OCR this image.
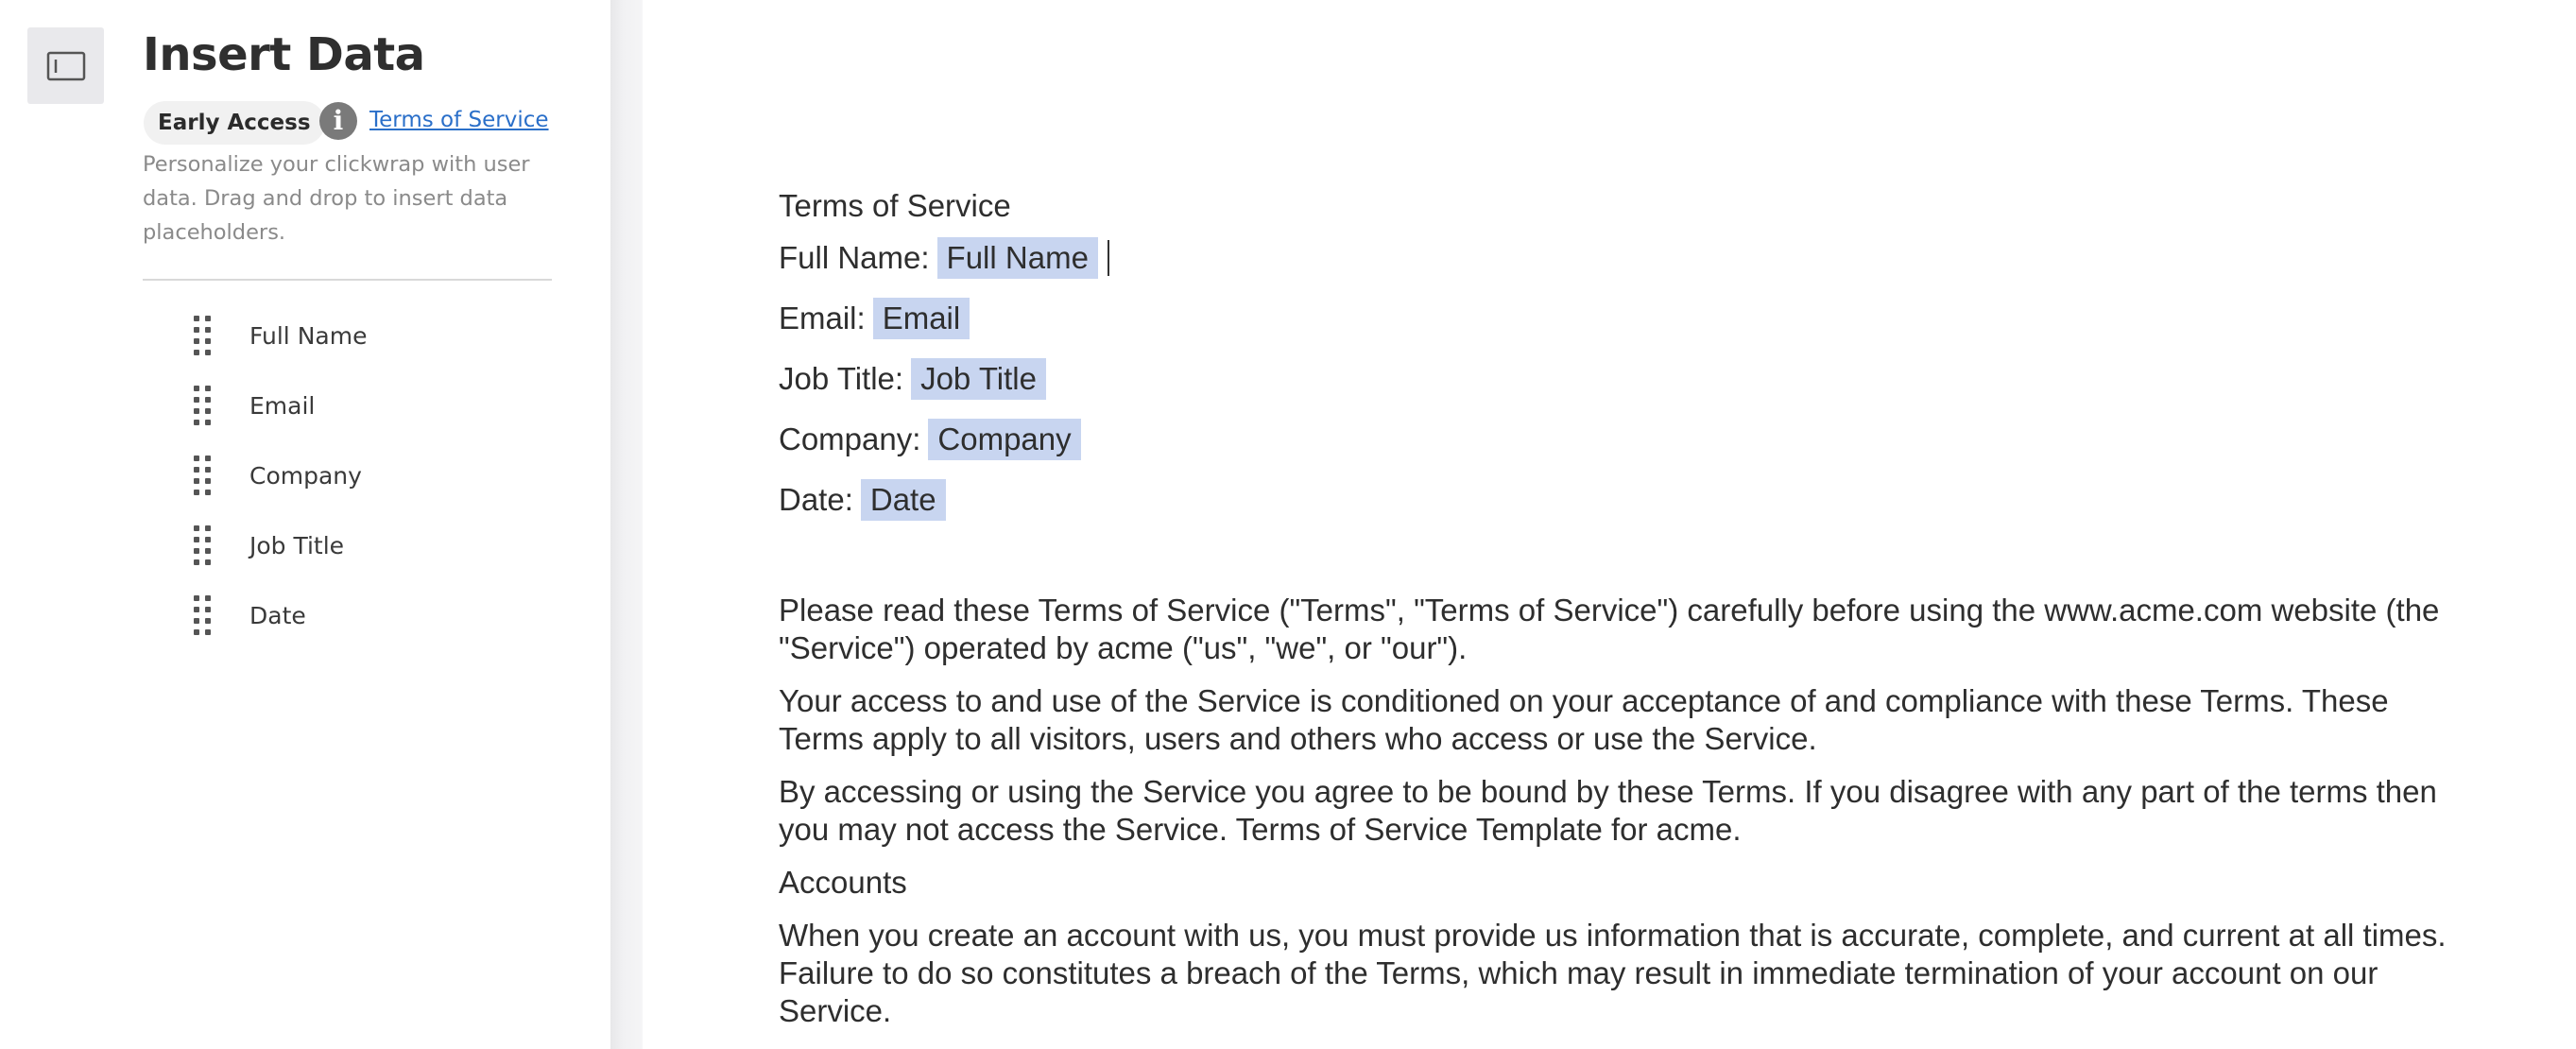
Insert Data
Early Access i	Terms of Service

Personalize your clickwrap with user data. Drag and drop to insert data placeholders.

Full Name
Email
Company
Job Title
Date

Terms of Service

Full Name: Full Name
Email: Email
Job Title: Job Title
Company: Company
Date: Date

Please read these Terms of Service ("Terms", "Terms of Service") carefully before using the www.acme.com website (the "Service") operated by acme ("us", "we", or "our").

Your access to and use of the Service is conditioned on your acceptance of and compliance with these Terms. These Terms apply to all visitors, users and others who access or use the Service.

By accessing or using the Service you agree to be bound by these Terms. If you disagree with any part of the terms then you may not access the Service. Terms of Service Template for acme.

Accounts

When you create an account with us, you must provide us information that is accurate, complete, and current at all times. Failure to do so constitutes a breach of the Terms, which may result in immediate termination of your account on our Service.
